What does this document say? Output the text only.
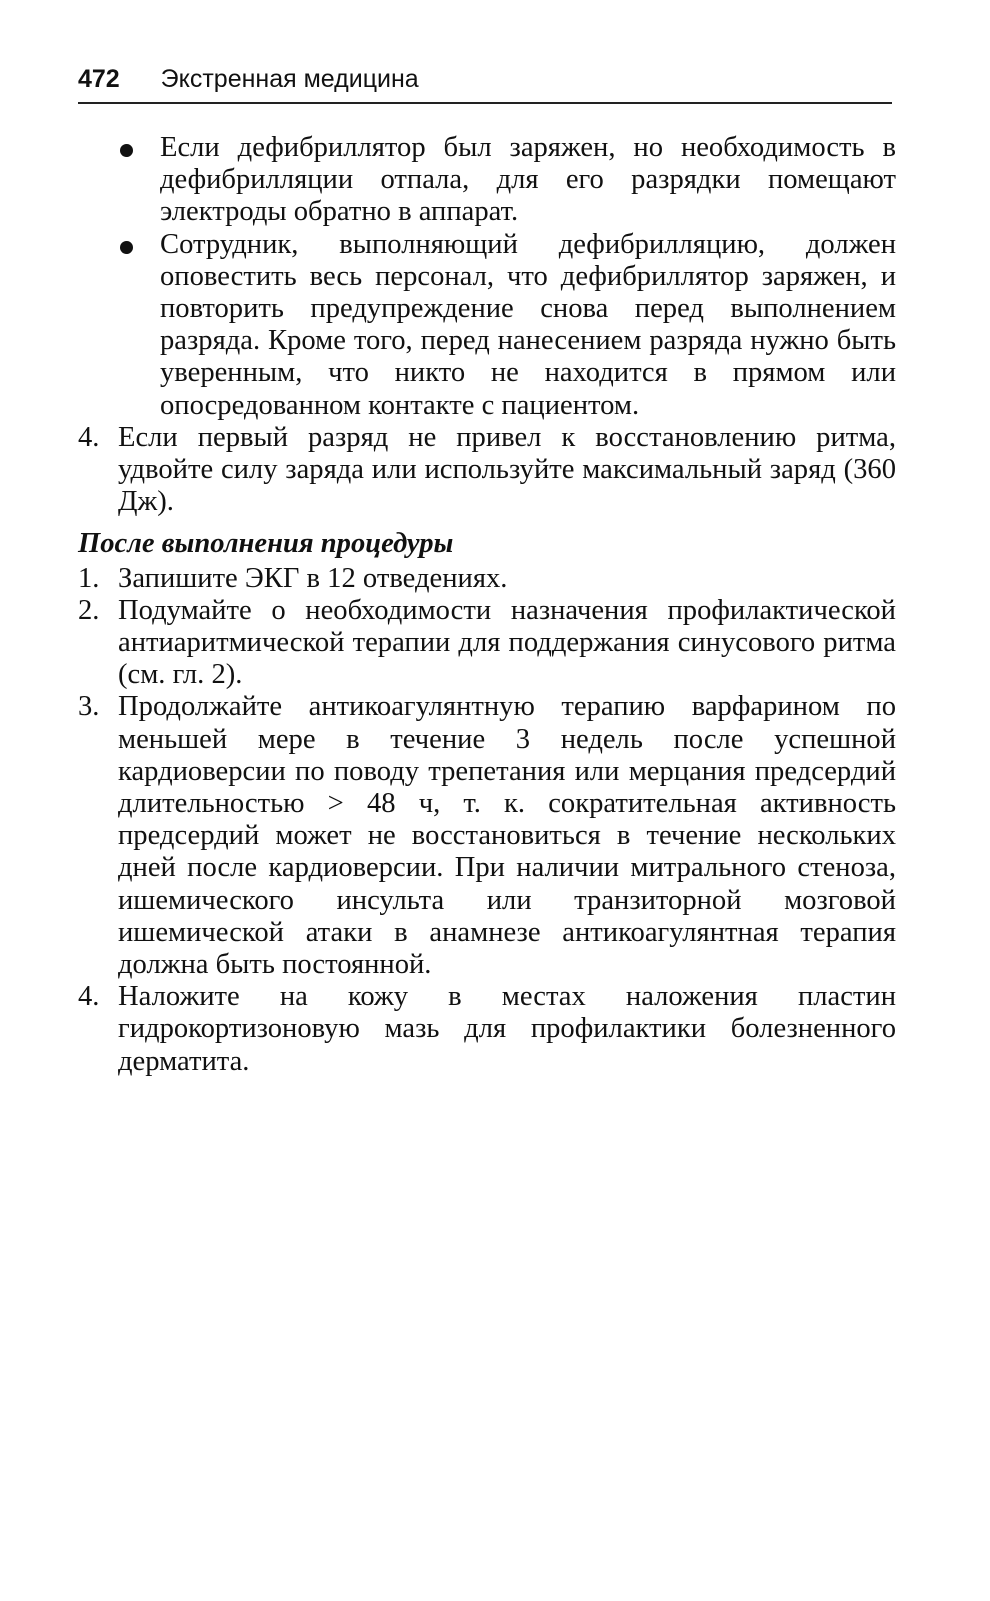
472 Экстренная медицина
Если дефибриллятор был заряжен, но необходимость в дефибрилляции отпала, для его разрядки помещают электроды обратно в аппарат.
Сотрудник, выполняющий дефибрилляцию, должен оповестить весь персонал, что дефибриллятор заряжен, и повторить предупреждение снова перед выполнением разряда. Кроме того, перед нанесением разряда нужно быть уверенным, что никто не находится в прямом или опосредованном контакте с пациентом.
4. Если первый разряд не привел к восстановлению ритма, удвойте силу заряда или используйте максимальный заряд (360 Дж).
После выполнения процедуры
1. Запишите ЭКГ в 12 отведениях.
2. Подумайте о необходимости назначения профилактической антиаритмической терапии для поддержания синусового ритма (см. гл. 2).
3. Продолжайте антикоагулянтную терапию варфарином по меньшей мере в течение 3 недель после успешной кардиоверсии по поводу трепетания или мерцания предсердий длительностью > 48 ч, т. к. сократительная активность предсердий может не восстановиться в течение нескольких дней после кардиоверсии. При наличии митрального стеноза, ишемического инсульта или транзиторной мозговой ишемической атаки в анамнезе антикоагулянтная терапия должна быть постоянной.
4. Наложите на кожу в местах наложения пластин гидрокортизоновую мазь для профилактики болезненного дерматита.
